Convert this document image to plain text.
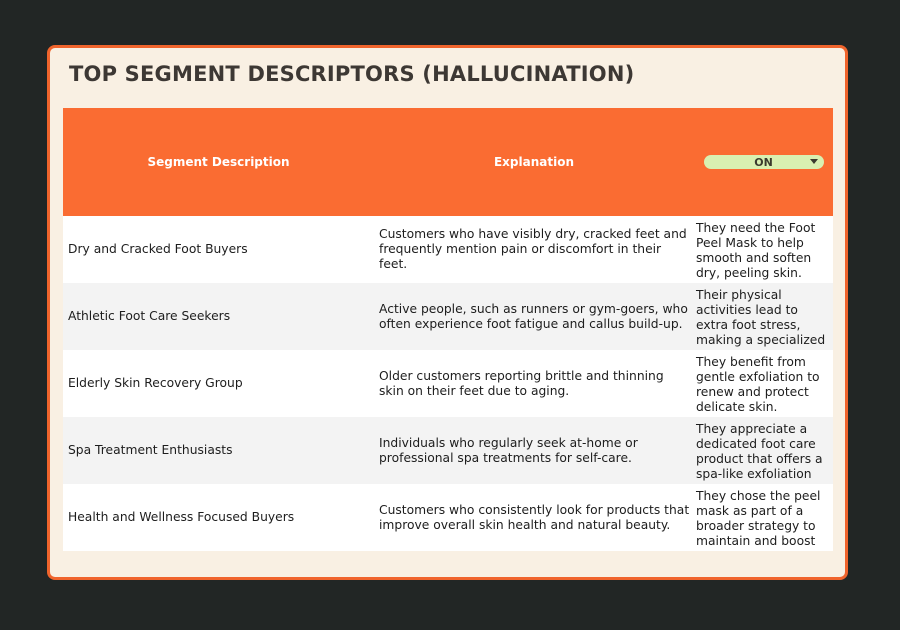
TOP SEGMENT DESCRIPTORS (HALLUCINATION)
Segment Description	Explanation	ON
Dry and Cracked Foot Buyers
Customers who have visibly dry, cracked feet and frequently mention pain or discomfort in their feet.
They need the Foot Peel Mask to help smooth and soften dry, peeling skin.
Athletic Foot Care Seekers
Active people, such as runners or gym-goers, who often experience foot fatigue and callus build-up.
Their physical activities lead to extra foot stress, making a specialized
Elderly Skin Recovery Group
Older customers reporting brittle and thinning skin on their feet due to aging.
They benefit from gentle exfoliation to renew and protect delicate skin.
Spa Treatment Enthusiasts
Individuals who regularly seek at-home or professional spa treatments for self-care.
They appreciate a dedicated foot care product that offers a spa-like exfoliation
Health and Wellness Focused Buyers
Customers who consistently look for products that improve overall skin health and natural beauty.
They chose the peel mask as part of a broader strategy to maintain and boost
